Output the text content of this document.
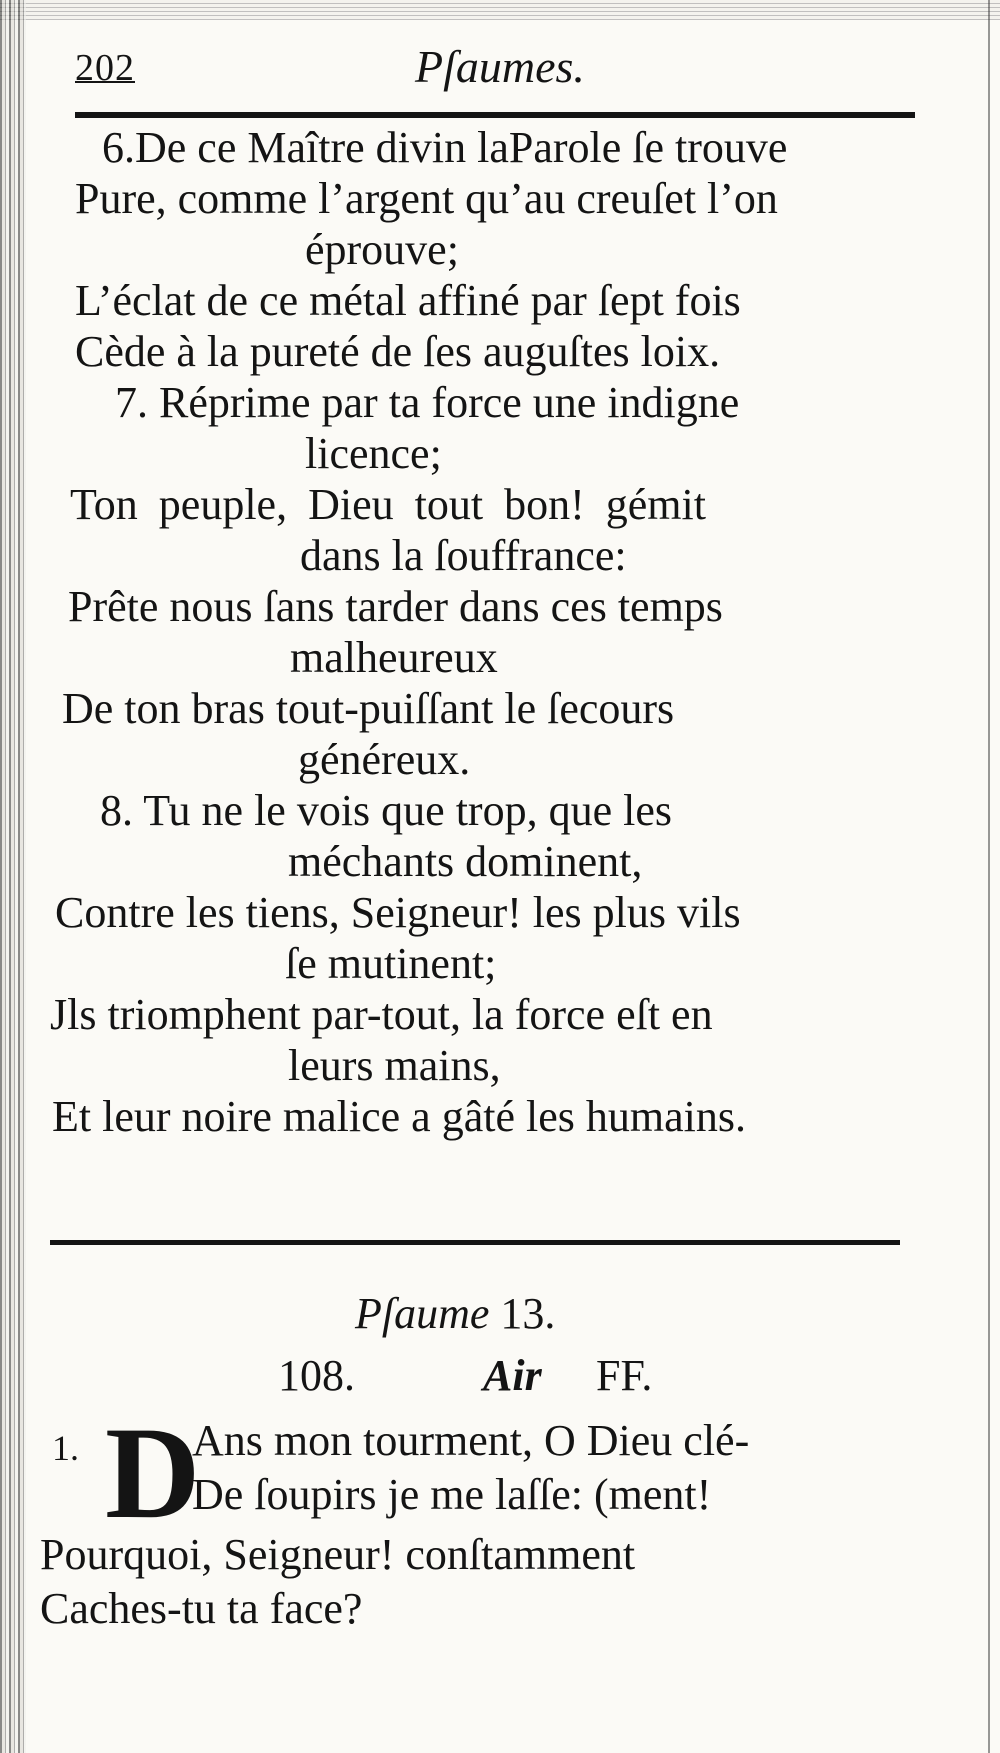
202	Pſaumes.
6.De ce Maître divin laParole ſe trouve
Pure, comme l’argent qu’au creuſet l’on
éprouve;
L’éclat de ce métal affiné par ſept fois
Cède à la pureté de ſes auguſtes loix.
7. Réprime par ta force une indigne
licence;
Ton peuple, Dieu tout bon! gémit
dans la ſouffrance:
Prête nous ſans tarder dans ces temps
malheureux
De ton bras tout-puiſſant le ſecours
généreux.
8. Tu ne le vois que trop, que les
méchants dominent,
Contre les tiens, Seigneur! les plus vils
ſe mutinent;
Jls triomphent par-tout, la force eſt en
leurs mains,
Et leur noire malice a gâté les humains.
Pſaume 13.
108.	Air FF.
1. D
Ans mon tourment, O Dieu clé-
De ſoupirs je me laſſe: (ment!
Pourquoi, Seigneur! conſtamment
Caches-tu ta face?
